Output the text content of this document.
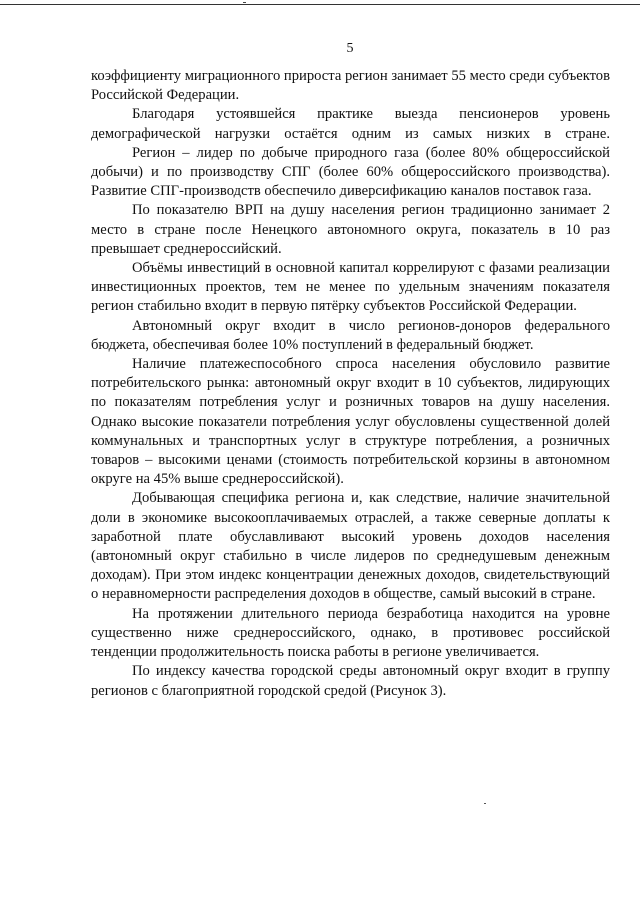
5

коэффициенту миграционного прироста регион занимает 55 место среди субъектов Российской Федерации.

Благодаря устоявшейся практике выезда пенсионеров уровень демографической нагрузки остаётся одним из самых низких в стране.

Регион – лидер по добыче природного газа (более 80% общероссийской добычи) и по производству СПГ (более 60% общероссийского производства). Развитие СПГ-производств обеспечило диверсификацию каналов поставок газа.

По показателю ВРП на душу населения регион традиционно занимает 2 место в стране после Ненецкого автономного округа, показатель в 10 раз превышает среднероссийский.

Объёмы инвестиций в основной капитал коррелируют с фазами реализации инвестиционных проектов, тем не менее по удельным значениям показателя регион стабильно входит в первую пятёрку субъектов Российской Федерации.

Автономный округ входит в число регионов-доноров федерального бюджета, обеспечивая более 10% поступлений в федеральный бюджет.

Наличие платежеспособного спроса населения обусловило развитие потребительского рынка: автономный округ входит в 10 субъектов, лидирующих по показателям потребления услуг и розничных товаров на душу населения. Однако высокие показатели потребления услуг обусловлены существенной долей коммунальных и транспортных услуг в структуре потребления, а розничных товаров – высокими ценами (стоимость потребительской корзины в автономном округе на 45% выше среднероссийской).

Добывающая специфика региона и, как следствие, наличие значительной доли в экономике высокооплачиваемых отраслей, а также северные доплаты к заработной плате обуславливают высокий уровень доходов населения (автономный округ стабильно в числе лидеров по среднедушевым денежным доходам). При этом индекс концентрации денежных доходов, свидетельствующий о неравномерности распределения доходов в обществе, самый высокий в стране.

На протяжении длительного периода безработица находится на уровне существенно ниже среднероссийского, однако, в противовес российской тенденции продолжительность поиска работы в регионе увеличивается.

По индексу качества городской среды автономный округ входит в группу регионов с благоприятной городской средой (Рисунок 3).
